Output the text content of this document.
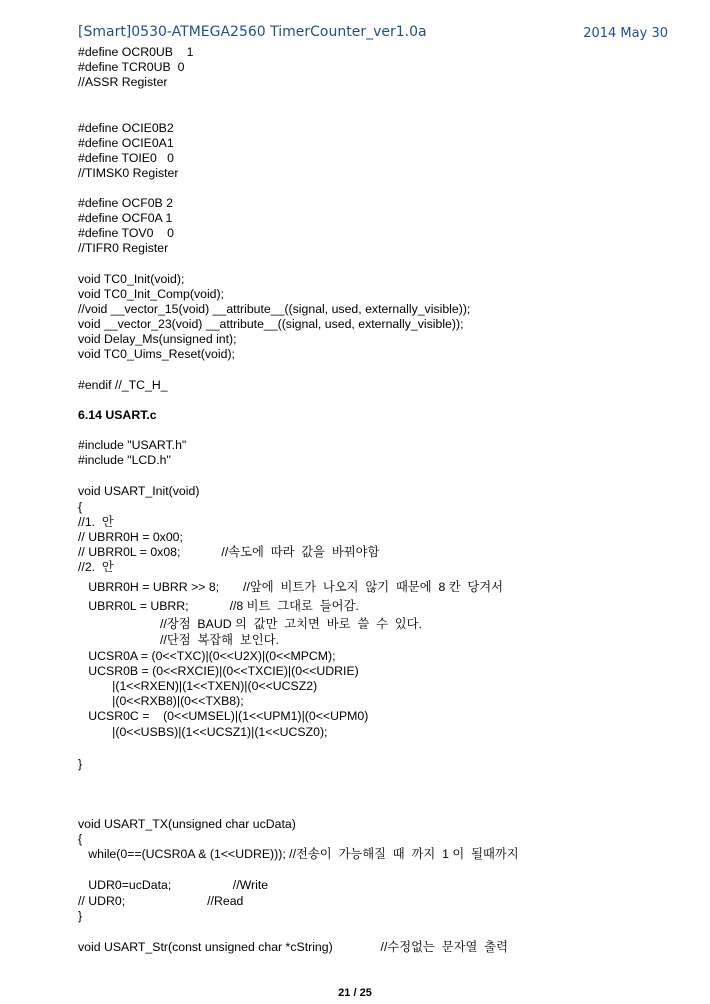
[Smart]0530-ATMEGA2560 TimerCounter_ver1.0a	2014 May 30
#define OCR0UB    1
#define TCR0UB  0
//ASSR Register
#define OCIE0B2
#define OCIE0A1
#define TOIE0   0
//TIMSK0 Register
#define OCF0B 2
#define OCF0A 1
#define TOV0    0
//TIFR0 Register
void TC0_Init(void);
void TC0_Init_Comp(void);
//void __vector_15(void) __attribute__((signal, used, externally_visible));
void __vector_23(void) __attribute__((signal, used, externally_visible));
void Delay_Ms(unsigned int);
void TC0_Uims_Reset(void);
#endif //_TC_H_
6.14 USART.c
#include "USART.h"
#include "LCD.h"
void USART_Init(void)
{
//1.  안
// UBRR0H = 0x00;
// UBRR0L = 0x08;            //속도에  따라  값을  바꿔야함
//2.  안
UBRR0H = UBRR >> 8;       //앞에  비트가  나오지  않기  때문에  8 칸  당겨서
UBRR0L = UBRR;            //8 비트  그대로  들어감.
//장점  BAUD 의  값만  고치면  바로  쓸  수  있다.
//단점  복잡해  보인다.
UCSR0A = (0<<TXC)|(0<<U2X)|(0<<MPCM);
UCSR0B = (0<<RXCIE)|(0<<TXCIE)|(0<<UDRIE)
|(1<<RXEN)|(1<<TXEN)|(0<<UCSZ2)
|(0<<RXB8)|(0<<TXB8);
UCSR0C =    (0<<UMSEL)|(1<<UPM1)|(0<<UPM0)
|(0<<USBS)|(1<<UCSZ1)|(1<<UCSZ0);
}
void USART_TX(unsigned char ucData)
{
while(0==(UCSR0A & (1<<UDRE))); //전송이  가능해질  때  까지  1 이  될때까지
UDR0=ucData;                  //Write
// UDR0;                        //Read
}
void USART_Str(const unsigned char *cString)              //수정없는  문자열  출력
21 / 25
